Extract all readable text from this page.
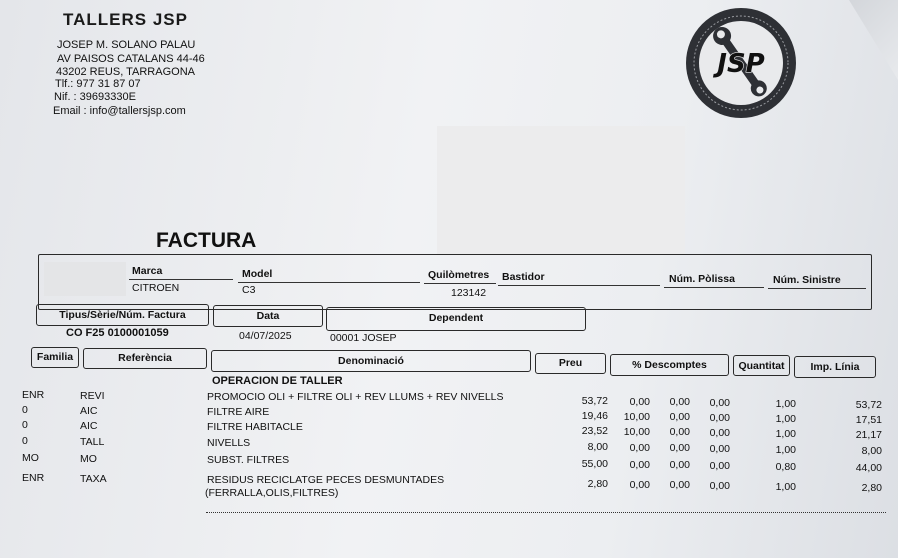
TALLERS JSP
JOSEP M. SOLANO PALAU
AV PAISOS CATALANS 44-46
43202 REUS, TARRAGONA
Tlf.: 977 31 87 07
Nif. : 39693330E
Email : info@tallersjsp.com
JSP
FACTURA
Marca
CITROEN
Model
C3
Quilòmetres
123142
Bastidor	Núm. Pòlissa	Núm. Sinistre
Tipus/Sèrie/Núm. Factura
CO F25 0100001059
Data
04/07/2025
Dependent
00001 JOSEP
Familia	Referència	Denominació	Preu	% Descomptes	Quantitat	Imp. Línia
OPERACION DE TALLER
ENR	REVI	PROMOCIO OLI + FILTRE OLI + REV LLUMS + REV NIVELLS	53,72	0,00	0,00	0,00	1,00	53,72
0	AIC	FILTRE AIRE	19,46	10,00	0,00	0,00	1,00	17,51
0	AIC	FILTRE HABITACLE	23,52	10,00	0,00	0,00	1,00	21,17
0	TALL	NIVELLS	8,00	0,00	0,00	0,00	1,00	8,00
MO	MO	SUBST. FILTRES	55,00	0,00	0,00	0,00	0,80	44,00
ENR	TAXA	RESIDUS RECICLATGE PECES DESMUNTADES	2,80	0,00	0,00	0,00	1,00	2,80
(FERRALLA,OLIS,FILTRES)
